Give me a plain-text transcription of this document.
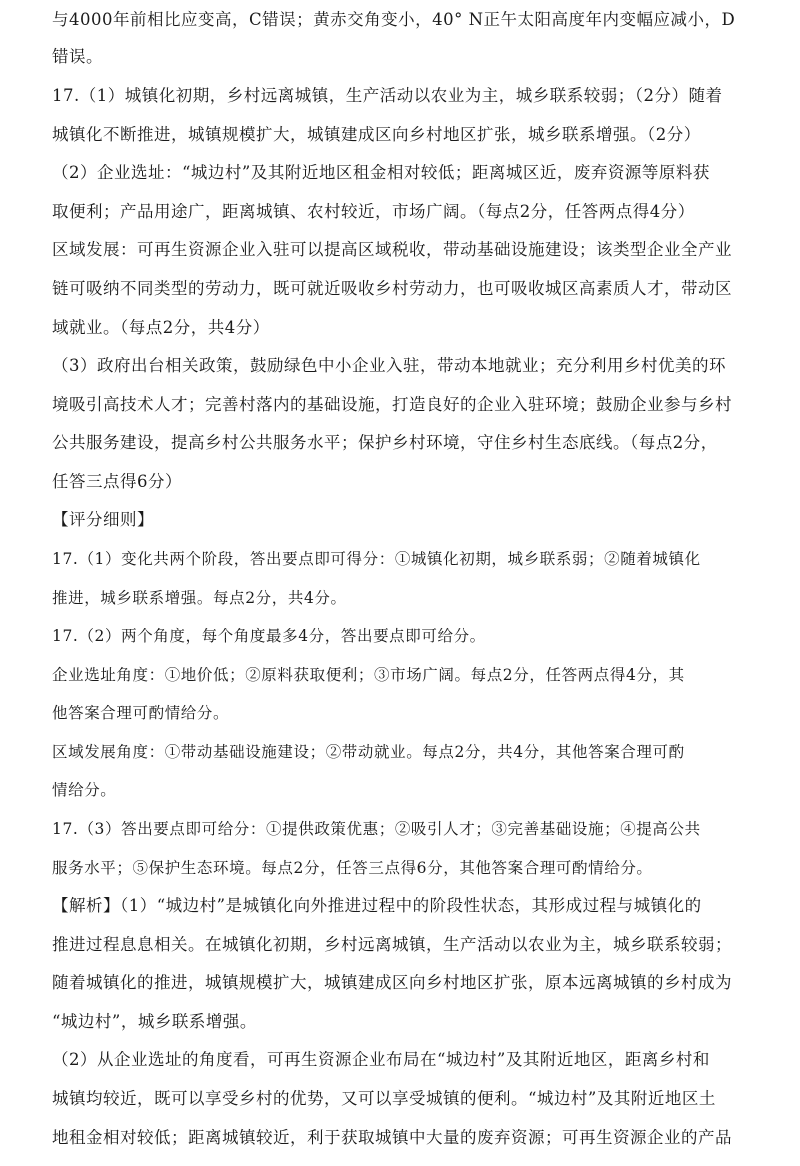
与4000年前相比应变高，C错误；黄赤交角变小，40° N正午太阳高度年内变幅应减小，D
错误。
17.（1）城镇化初期，乡村远离城镇，生产活动以农业为主，城乡联系较弱；（2分）随着
城镇化不断推进，城镇规模扩大，城镇建成区向乡村地区扩张，城乡联系增强。（2分）
（2）企业选址：“城边村”及其附近地区租金相对较低；距离城区近，废弃资源等原料获
取便利；产品用途广，距离城镇、农村较近，市场广阔。（每点2分，任答两点得4分）
区域发展：可再生资源企业入驻可以提高区域税收，带动基础设施建设；该类型企业全产业
链可吸纳不同类型的劳动力，既可就近吸收乡村劳动力，也可吸收城区高素质人才，带动区
域就业。（每点2分，共4分）
（3）政府出台相关政策，鼓励绿色中小企业入驻，带动本地就业；充分利用乡村优美的环
境吸引高技术人才；完善村落内的基础设施，打造良好的企业入驻环境；鼓励企业参与乡村
公共服务建设，提高乡村公共服务水平；保护乡村环境，守住乡村生态底线。（每点2分，
任答三点得6分）
【评分细则】
17.（1）变化共两个阶段，答出要点即可得分：①城镇化初期，城乡联系弱；②随着城镇化
推进，城乡联系增强。每点2分，共4分。
17.（2）两个角度，每个角度最多4分，答出要点即可给分。
企业选址角度：①地价低；②原料获取便利；③市场广阔。每点2分，任答两点得4分，其
他答案合理可酌情给分。
区域发展角度：①带动基础设施建设；②带动就业。每点2分，共4分，其他答案合理可酌
情给分。
17.（3）答出要点即可给分：①提供政策优惠；②吸引人才；③完善基础设施；④提高公共
服务水平；⑤保护生态环境。每点2分，任答三点得6分，其他答案合理可酌情给分。
【解析】（1）“城边村”是城镇化向外推进过程中的阶段性状态，其形成过程与城镇化的
推进过程息息相关。在城镇化初期，乡村远离城镇，生产活动以农业为主，城乡联系较弱；
随着城镇化的推进，城镇规模扩大，城镇建成区向乡村地区扩张，原本远离城镇的乡村成为
“城边村”，城乡联系增强。
（2）从企业选址的角度看，可再生资源企业布局在“城边村”及其附近地区，距离乡村和
城镇均较近，既可以享受乡村的优势，又可以享受城镇的便利。“城边村”及其附近地区土
地租金相对较低；距离城镇较近，利于获取城镇中大量的废弃资源；可再生资源企业的产品
